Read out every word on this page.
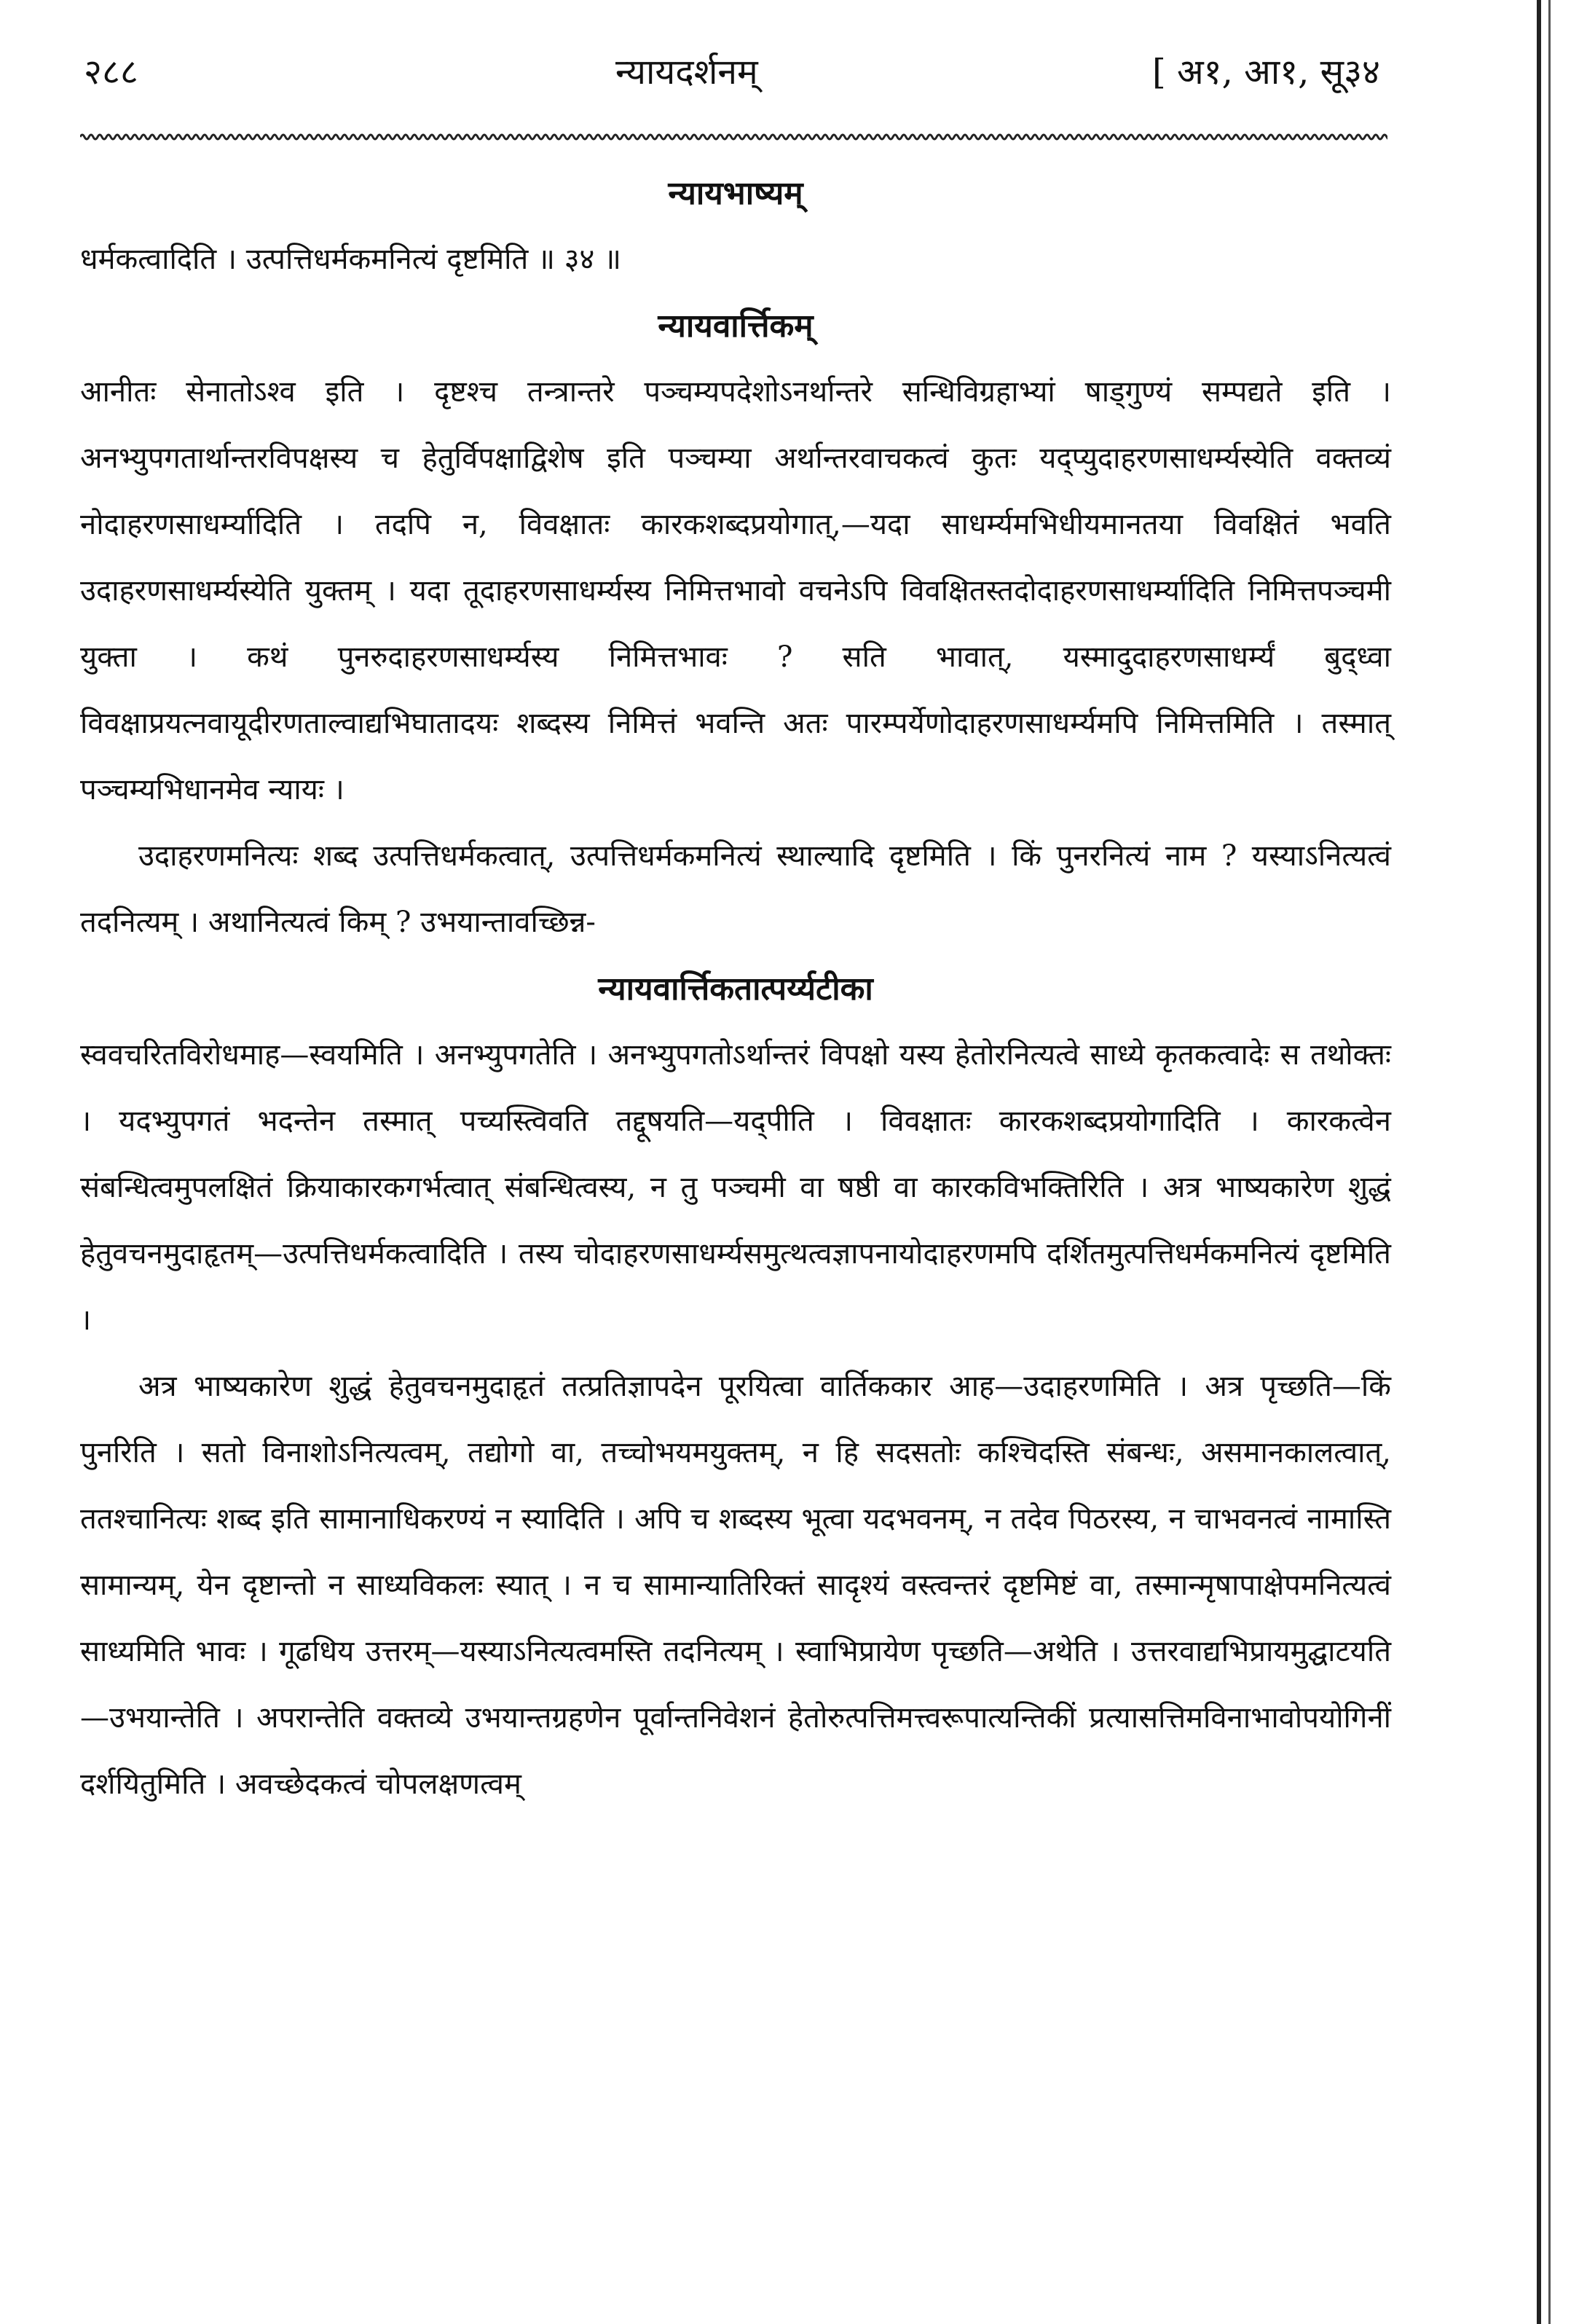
२८८	न्यायदर्शनम्	[ अ१, आ१, सू३४
न्यायभाष्यम्

धर्मकत्वादिति । उत्पत्तिधर्मकमनित्यं दृष्टमिति ॥ ३४ ॥

न्यायवार्त्तिकम्

आनीतः सेनातोऽश्व इति । दृष्टश्च तन्त्रान्तरे पञ्चम्यपदेशोऽनर्थान्तरे सन्धिविग्रहाभ्यां षाड्गुण्यं सम्पद्यते इति । अनभ्युपगतार्थान्तरविपक्षस्य च हेतुर्विपक्षाद्विशेष इति पञ्चम्या अर्थान्तरवाचकत्वं कुतः यद्प्युदाहरणसाधर्म्यस्येति वक्तव्यं नोदाहरणसाधर्म्यादिति । तदपि न, विवक्षातः कारकशब्दप्रयोगात्,—यदा साधर्म्यमभिधीयमानतया विवक्षितं भवति उदाहरणसाधर्म्यस्येति युक्तम् । यदा तूदाहरणसाधर्म्यस्य निमित्तभावो वचनेऽपि विवक्षितस्तदोदाहरणसाधर्म्यादिति निमित्तपञ्चमी युक्ता । कथं पुनरुदाहरणसाधर्म्यस्य निमित्तभावः ? सति भावात्, यस्मादुदाहरणसाधर्म्यं बुद्ध्वा विवक्षाप्रयत्नवायूदीरणताल्वाद्यभिघातादयः शब्दस्य निमित्तं भवन्ति अतः पारम्पर्येणोदाहरणसाधर्म्यमपि निमित्तमिति । तस्मात् पञ्चम्यभिधानमेव न्यायः ।

उदाहरणमनित्यः शब्द उत्पत्तिधर्मकत्वात्, उत्पत्तिधर्मकमनित्यं स्थाल्यादि दृष्टमिति । किं पुनरनित्यं नाम ? यस्याऽनित्यत्वं तदनित्यम् । अथानित्यत्वं किम् ? उभयान्तावच्छिन्न-

न्यायवार्त्तिकतात्पर्य्यटीका

स्ववचरितविरोधमाह—स्वयमिति । अनभ्युपगतेति । अनभ्युपगतोऽर्थान्तरं विपक्षो यस्य हेतोरनित्यत्वे साध्ये कृतकत्वादेः स तथोक्तः । यदभ्युपगतं भदन्तेन तस्मात् पच्यस्त्विवति तद्दूषयति—यद्पीति । विवक्षातः कारकशब्दप्रयोगादिति । कारकत्वेन संबन्धित्वमुपलक्षितं क्रियाकारकगर्भत्वात् संबन्धित्वस्य, न तु पञ्चमी वा षष्ठी वा कारकविभक्तिरिति । अत्र भाष्यकारेण शुद्धं हेतुवचनमुदाहृतम्—उत्पत्तिधर्मकत्वादिति । तस्य चोदाहरणसाधर्म्यसमुत्थत्वज्ञापनायोदाहरणमपि दर्शितमुत्पत्तिधर्मकमनित्यं दृष्टमिति ।

अत्र भाष्यकारेण शुद्धं हेतुवचनमुदाहृतं तत्प्रतिज्ञापदेन पूरयित्वा वार्तिककार आह—उदाहरणमिति । अत्र पृच्छति—किं पुनरिति । सतो विनाशोऽनित्यत्वम्, तद्योगो वा, तच्चोभयमयुक्तम्, न हि सदसतोः कश्चिदस्ति संबन्धः, असमानकालत्वात्, ततश्चानित्यः शब्द इति सामानाधिकरण्यं न स्यादिति । अपि च शब्दस्य भूत्वा यदभवनम्, न तदेव पिठरस्य, न चाभवनत्वं नामास्ति सामान्यम्, येन दृष्टान्तो न साध्यविकलः स्यात् । न च सामान्यातिरिक्तं सादृश्यं वस्त्वन्तरं दृष्टमिष्टं वा, तस्मान्मृषापाक्षेपमनित्यत्वं साध्यमिति भावः । गूढधिय उत्तरम्—यस्याऽनित्यत्वमस्ति तदनित्यम् । स्वाभिप्रायेण पृच्छति—अथेति । उत्तरवाद्यभिप्रायमुद्घाटयति—उभयान्तेति । अपरान्तेति वक्तव्ये उभयान्तग्रहणेन पूर्वान्तनिवेशनं हेतोरुत्पत्तिमत्त्वरूपात्यन्तिकीं प्रत्यासत्तिमविनाभावोपयोगिनीं दर्शयितुमिति । अवच्छेदकत्वं चोपलक्षणत्वम्
